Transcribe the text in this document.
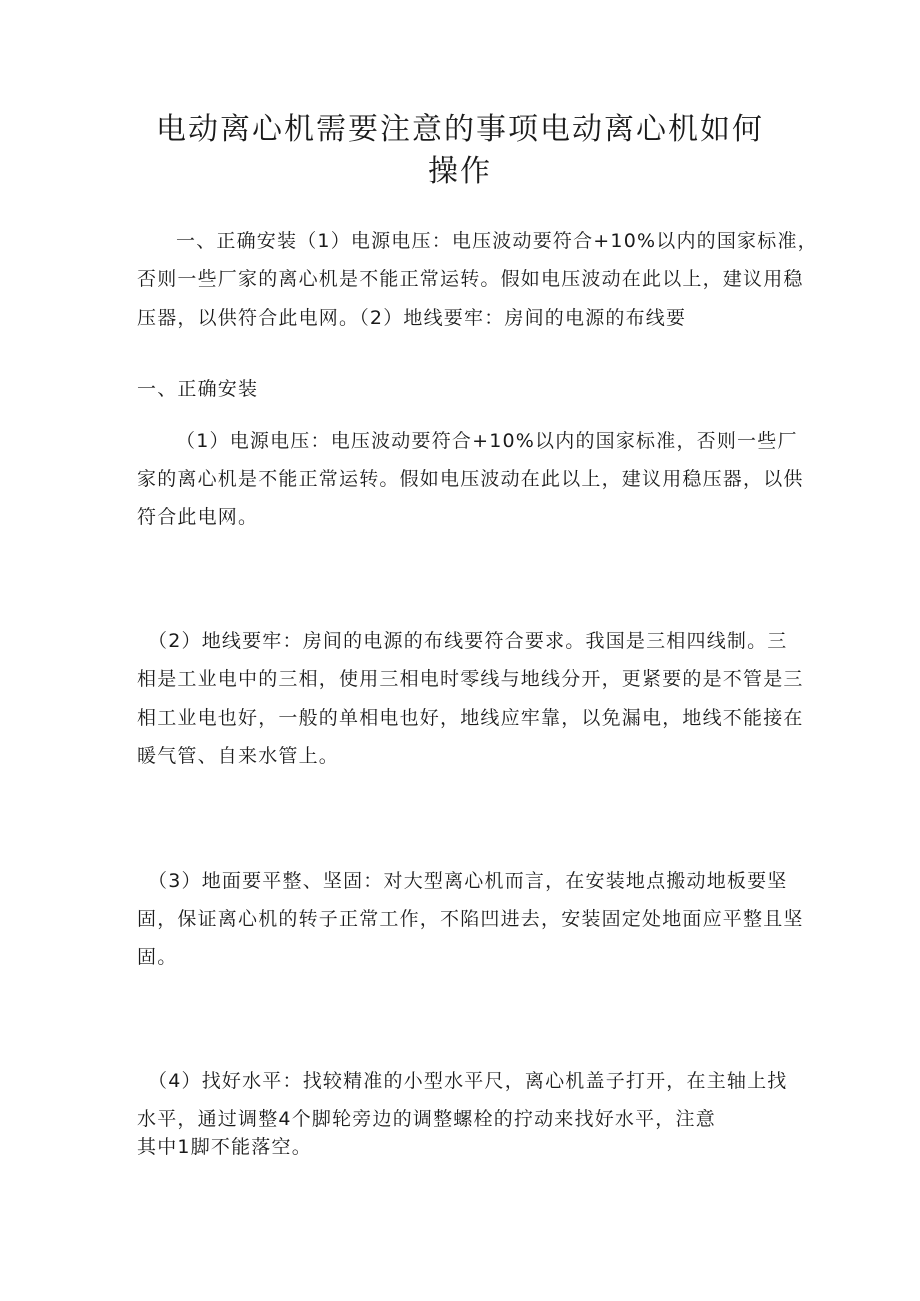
电动离心机需要注意的事项电动离心机如何
操作
一、正确安装（1）电源电压：电压波动要符合+10%以内的国家标准，
否则一些厂家的离心机是不能正常运转。假如电压波动在此以上，建议用稳
压器，以供符合此电网。（2）地线要牢：房间的电源的布线要
一、正确安装
（1）电源电压：电压波动要符合+10%以内的国家标准，否则一些厂
家的离心机是不能正常运转。假如电压波动在此以上，建议用稳压器，以供
符合此电网。
（2）地线要牢：房间的电源的布线要符合要求。我国是三相四线制。三
相是工业电中的三相，使用三相电时零线与地线分开，更紧要的是不管是三
相工业电也好，一般的单相电也好，地线应牢靠，以免漏电，地线不能接在
暖气管、自来水管上。
（3）地面要平整、坚固：对大型离心机而言，在安装地点搬动地板要坚
固，保证离心机的转子正常工作，不陷凹进去，安装固定处地面应平整且坚
固。
（4）找好水平：找较精准的小型水平尺，离心机盖子打开，在主轴上找
水平，通过调整4个脚轮旁边的调整螺栓的拧动来找好水平，注意
其中1脚不能落空。
